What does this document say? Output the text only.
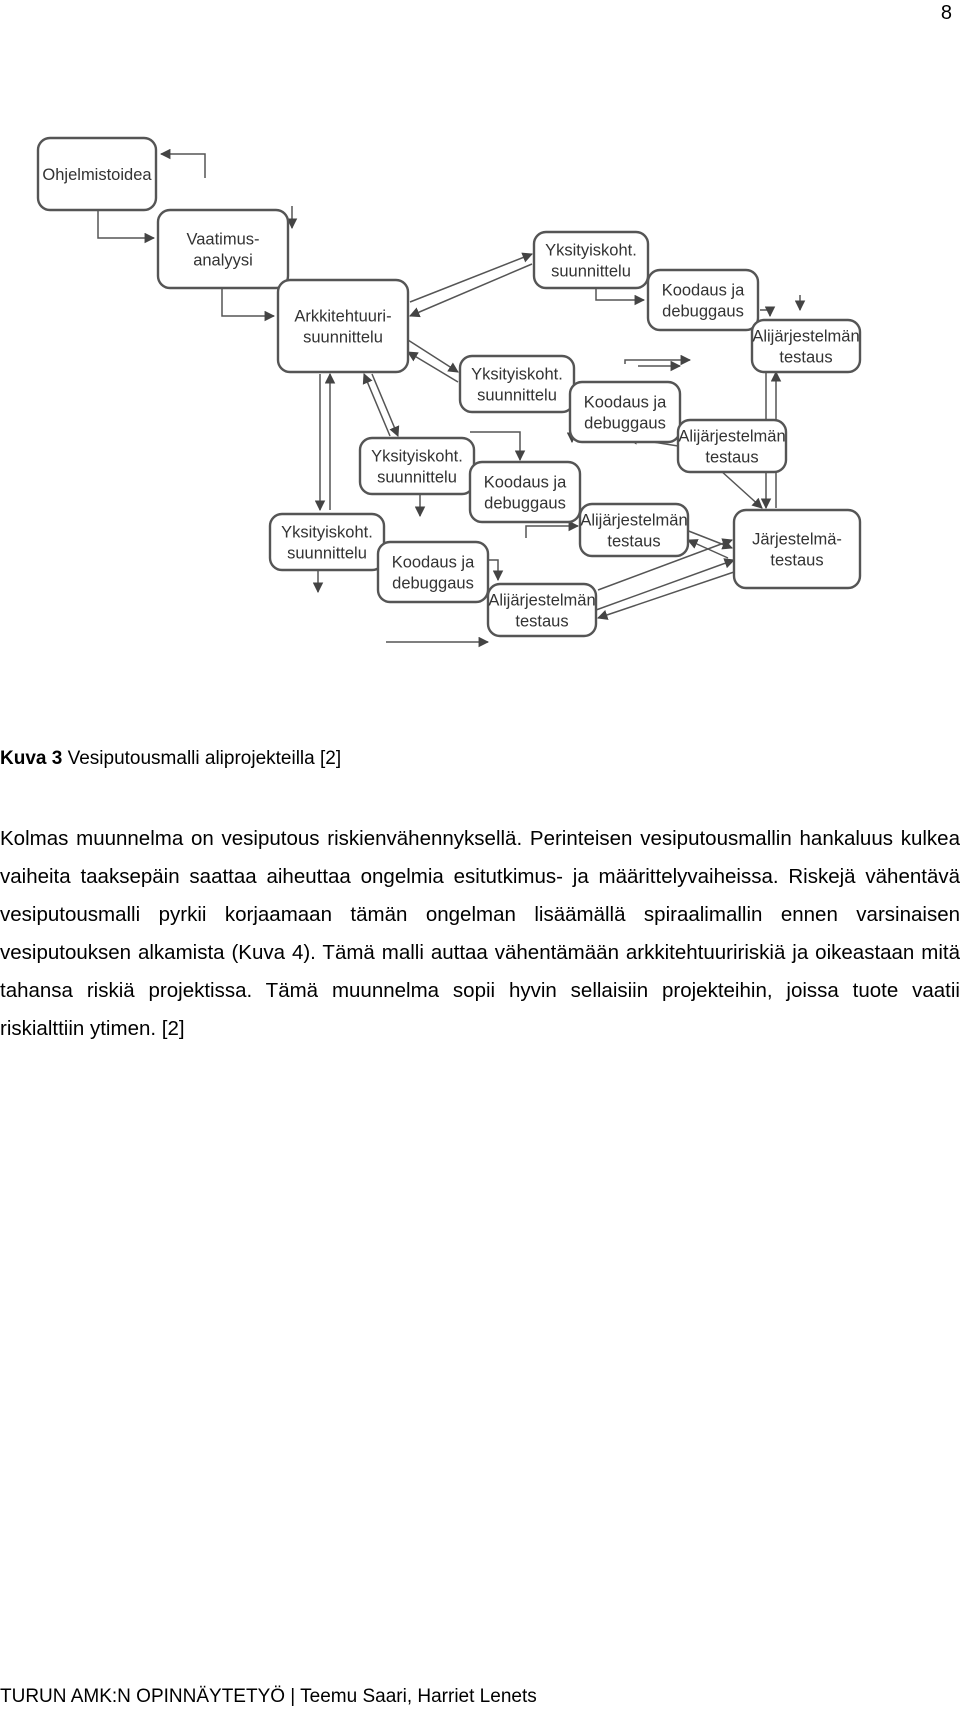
8
Ohjelmistoidea
Vaatimus-
analyysi
Arkkitehtuuri-
suunnittelu
Yksityiskoht.
suunnittelu
Koodaus ja
debuggaus
Alijärjestelmän
testaus
Yksityiskoht.
suunnittelu Koodaus ja
debuggaus
Alijärjestelmän
testaus
Yksityiskoht.
suunnittelu Koodaus ja
debuggaus
Alijärjestelmän
testaus
Yksityiskoht.
suunnittelu Koodaus ja
debuggaus
Alijärjestelmän
testaus
Järjestelmä-
testaus
Kuva 3 Vesiputousmalli aliprojekteilla [2]

Kolmas muunnelma on vesiputous riskienvähennyksellä. Perinteisen vesiputousmallin hankaluus kulkea vaiheita taaksepäin saattaa aiheuttaa ongelmia esitutkimus- ja määrittelyvaiheissa. Riskejä vähentävä vesiputousmalli pyrkii korjaamaan tämän ongelman lisäämällä spiraalimallin ennen varsinaisen vesiputouksen alkamista (Kuva 4). Tämä malli auttaa vähentämään arkkitehtuuririskiä ja oikeastaan mitä tahansa riskiä projektissa. Tämä muunnelma sopii hyvin sellaisiin projekteihin, joissa tuote vaatii riskialttiin ytimen. [2]

TURUN AMK:N OPINNÄYTETYÖ | Teemu Saari, Harriet Lenets
